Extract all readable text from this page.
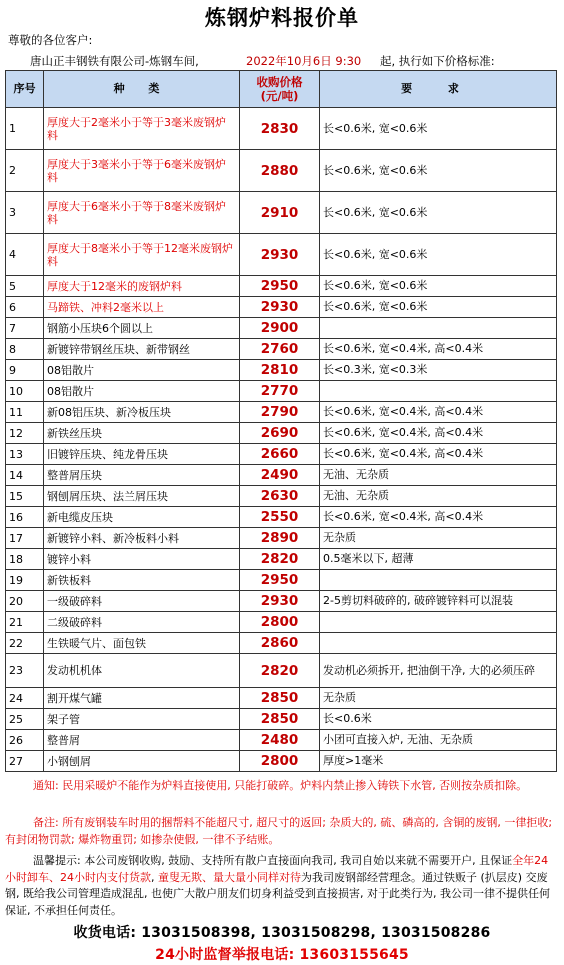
炼钢炉料报价单
尊敬的各位客户:
唐山正丰钢铁有限公司-炼钢车间,	2022年10月6日 9:30 起, 执行如下价格标准:
序号	种 类	收购价格
(元/吨)	要 求
1	厚度大于2毫米小于等于3毫米废钢炉料	2830	长<0.6米, 宽<0.6米
2	厚度大于3毫米小于等于6毫米废钢炉料	2880	长<0.6米, 宽<0.6米
3	厚度大于6毫米小于等于8毫米废钢炉料	2910	长<0.6米, 宽<0.6米
4	厚度大于8毫米小于等于12毫米废钢炉料	2930	长<0.6米, 宽<0.6米
5	厚度大于12毫米的废钢炉料	2950	长<0.6米, 宽<0.6米
6	马蹄铁、冲料2毫米以上	2930	长<0.6米, 宽<0.6米
7	钢筋小压块6个圆以上	2900	
8	新镀锌带钢丝压块、新带钢丝	2760	长<0.6米, 宽<0.4米, 高<0.4米
9	08铝散片	2810	长<0.3米, 宽<0.3米
10	08铝散片	2770	
11	新08铝压块、新冷板压块	2790	长<0.6米, 宽<0.4米, 高<0.4米
12	新铁丝压块	2690	长<0.6米, 宽<0.4米, 高<0.4米
13	旧镀锌压块、纯龙骨压块	2660	长<0.6米, 宽<0.4米, 高<0.4米
14	整普屑压块	2490	无油、无杂质
15	钢刨屑压块、法兰屑压块	2630	无油、无杂质
16	新电缆皮压块	2550	长<0.6米, 宽<0.4米, 高<0.4米
17	新镀锌小料、新冷板料小料	2890	无杂质
18	镀锌小料	2820	0.5毫米以下, 超薄
19	新铁板料	2950	
20	一级破碎料	2930	2-5剪切料破碎的, 破碎镀锌料可以混装
21	二级破碎料	2800	
22	生铁暖气片、面包铁	2860	
23	发动机机体	2820	发动机必须拆开, 把油倒干净, 大的必须压碎
24	割开煤气罐	2850	无杂质
25	架子管	2850	长<0.6米
26	整普屑	2480	小团可直接入炉, 无油、无杂质
27	小钢刨屑	2800	厚度>1毫米
通知: 民用采暖炉不能作为炉料直接使用, 只能打破碎。炉料内禁止掺入铸铁下水管, 否则按杂质扣除。
备注: 所有废钢装车时用的捆帮料不能超尺寸, 超尺寸的返回; 杂质大的, 硫、磷高的, 含铜的废钢, 一律拒收; 有封闭物罚款; 爆炸物重罚; 如掺杂使假, 一律不予结账。
温馨提示: 本公司废钢收购, 鼓励、支持所有散户直接面向我司, 我司自始以来就不需要开户, 且保证全年24小时卸车、24小时内支付货款, 童叟无欺、量大量小同样对待为我司废钢部经营理念。通过铁贩子 (扒层皮) 交废钢, 既给我公司管理造成混乱, 也使广大散户朋友们切身利益受到直接损害, 对于此类行为, 我公司一律不提供任何保证, 不承担任何责任。
收货电话: 13031508398, 13031508298, 13031508286
24小时监督举报电话: 13603155645
